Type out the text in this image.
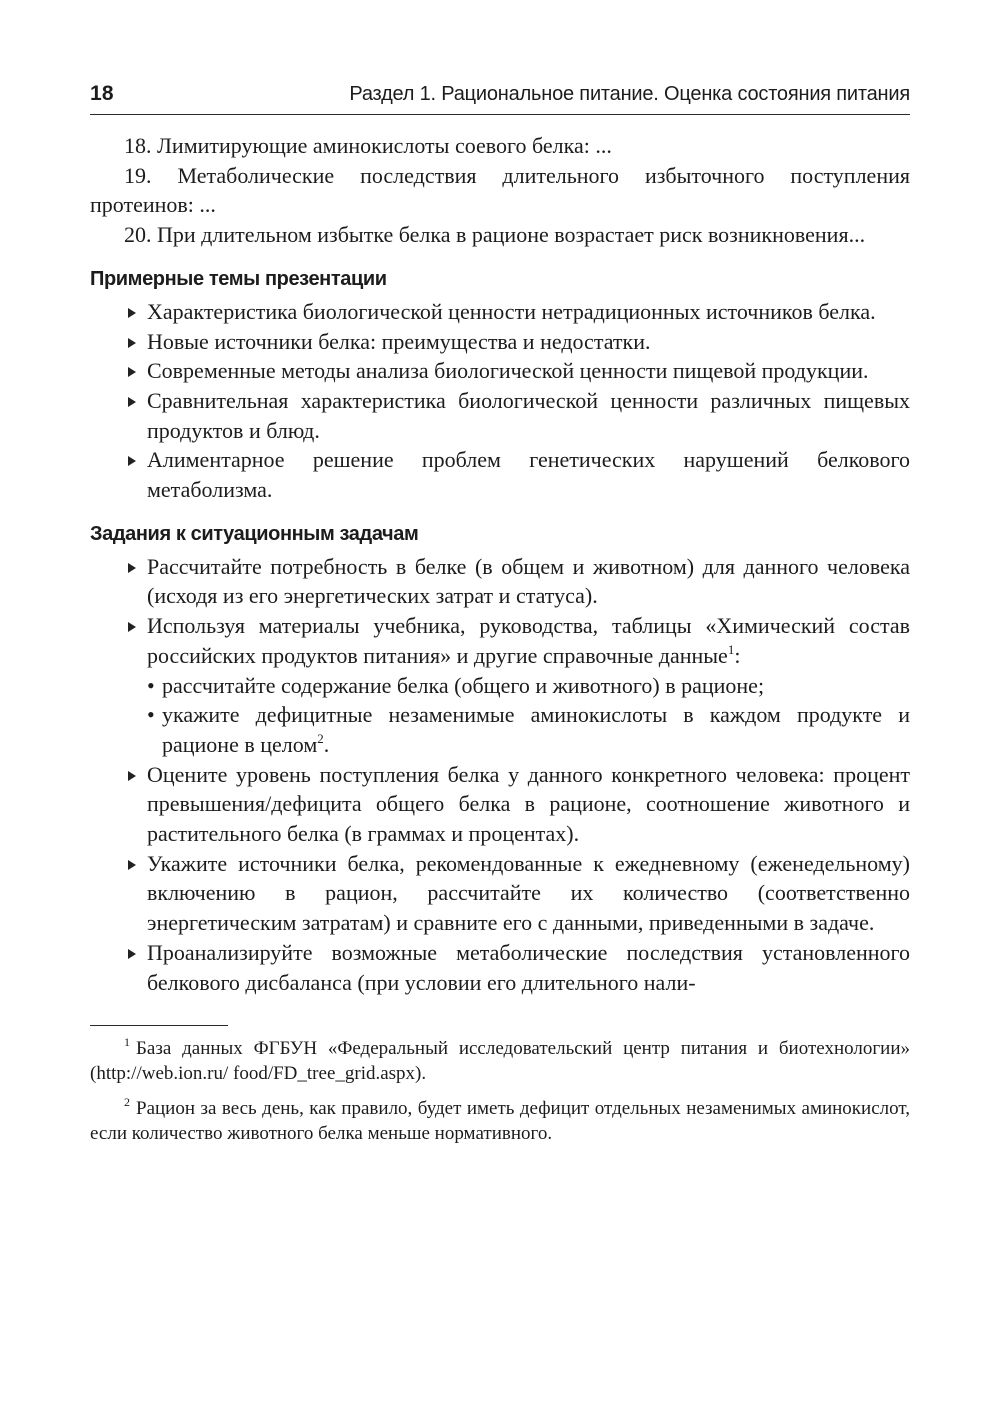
18	Раздел 1. Рациональное питание. Оценка состояния питания
18. Лимитирующие аминокислоты соевого белка: ...
19. Метаболические последствия длительного избыточного поступления протеинов: ...
20. При длительном избытке белка в рационе возрастает риск возникновения...
Примерные темы презентации
Характеристика биологической ценности нетрадиционных источников белка.
Новые источники белка: преимущества и недостатки.
Современные методы анализа биологической ценности пищевой продукции.
Сравнительная характеристика биологической ценности различных пищевых продуктов и блюд.
Алиментарное решение проблем генетических нарушений белкового метаболизма.
Задания к ситуационным задачам
Рассчитайте потребность в белке (в общем и животном) для данного человека (исходя из его энергетических затрат и статуса).
Используя материалы учебника, руководства, таблицы «Химический состав российских продуктов питания» и другие справочные данные$^1$:
• рассчитайте содержание белка (общего и животного) в рационе;
• укажите дефицитные незаменимые аминокислоты в каждом продукте и рационе в целом$^2$.
Оцените уровень поступления белка у данного конкретного человека: процент превышения/дефицита общего белка в рационе, соотношение животного и растительного белка (в граммах и процентах).
Укажите источники белка, рекомендованные к ежедневному (еженедельному) включению в рацион, рассчитайте их количество (соответственно энергетическим затратам) и сравните его с данными, приведенными в задаче.
Проанализируйте возможные метаболические последствия установленного белкового дисбаланса (при условии его длительного нали-
$^1$ База данных ФГБУН «Федеральный исследовательский центр питания и биотехнологии» (http://web.ion.ru/ food/FD_tree_grid.aspx).
$^2$ Рацион за весь день, как правило, будет иметь дефицит отдельных незаменимых аминокислот, если количество животного белка меньше нормативного.
